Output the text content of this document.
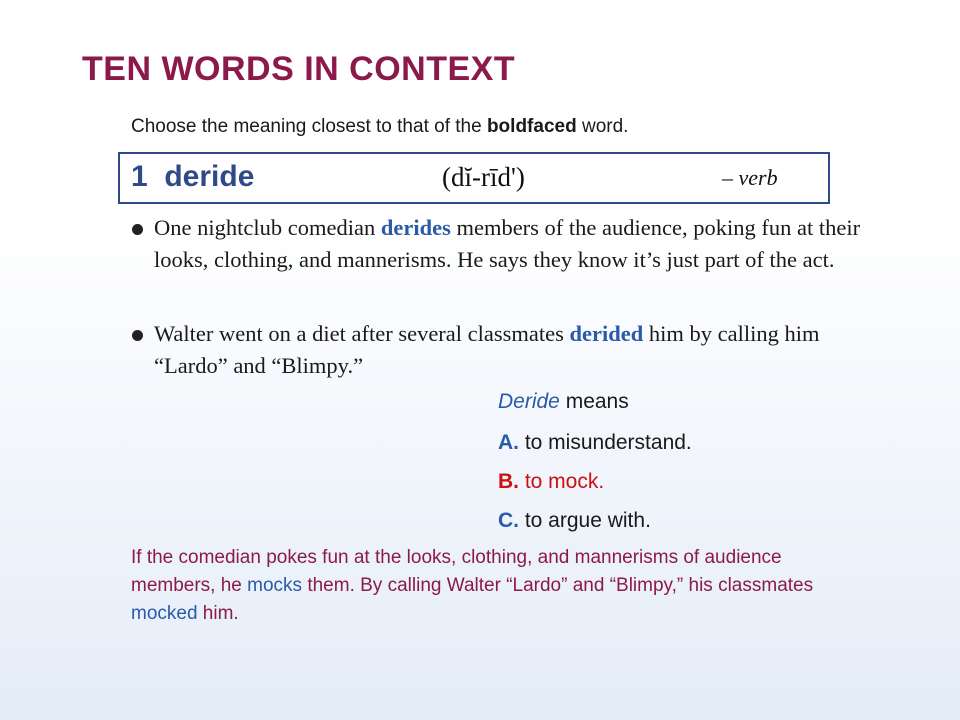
TEN WORDS IN CONTEXT
Choose the meaning closest to that of the boldfaced word.
1 deride	(dĭ-rīd')	– verb
One nightclub comedian derides members of the audience, poking fun at their looks, clothing, and mannerisms. He says they know it’s just part of the act.
Walter went on a diet after several classmates derided him by calling him “Lardo” and “Blimpy.”
Deride means
A. to misunderstand.
B. to mock.
C. to argue with.
If the comedian pokes fun at the looks, clothing, and mannerisms of audience members, he mocks them. By calling Walter “Lardo” and “Blimpy,” his classmates mocked him.
